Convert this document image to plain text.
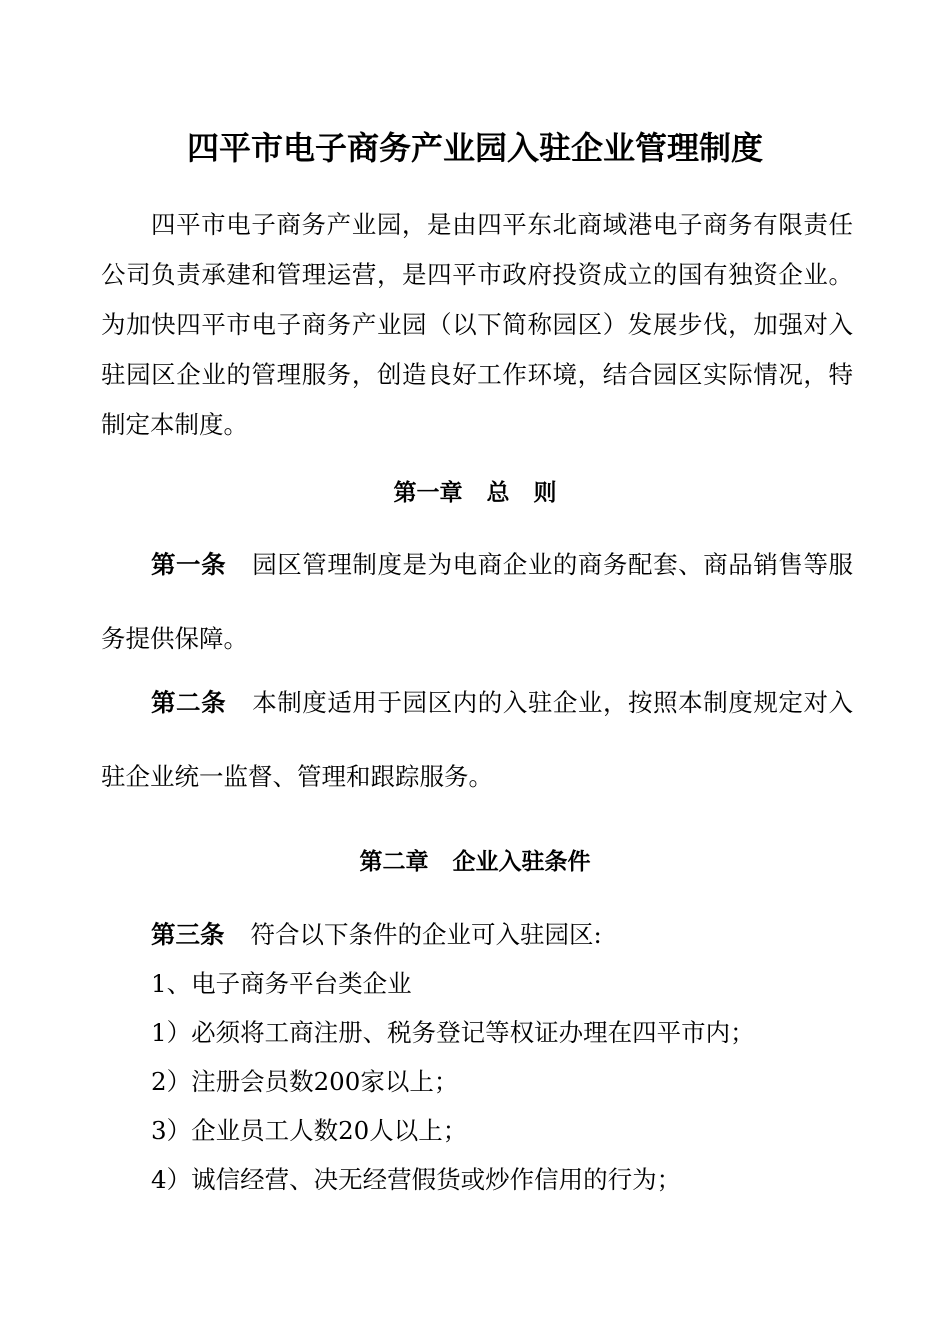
四平市电子商务产业园入驻企业管理制度
四平市电子商务产业园，是由四平东北商域港电子商务有限责任公司负责承建和管理运营，是四平市政府投资成立的国有独资企业。为加快四平市电子商务产业园（以下简称园区）发展步伐，加强对入驻园区企业的管理服务，创造良好工作环境，结合园区实际情况，特制定本制度。
第一章 总 则
第一条 园区管理制度是为电商企业的商务配套、商品销售等服务提供保障。
第二条 本制度适用于园区内的入驻企业，按照本制度规定对入驻企业统一监督、管理和跟踪服务。
第二章 企业入驻条件
第三条 符合以下条件的企业可入驻园区:
1、电子商务平台类企业
1）必须将工商注册、税务登记等权证办理在四平市内；
2）注册会员数200家以上；
3）企业员工人数20人以上；
4）诚信经营、决无经营假货或炒作信用的行为；
